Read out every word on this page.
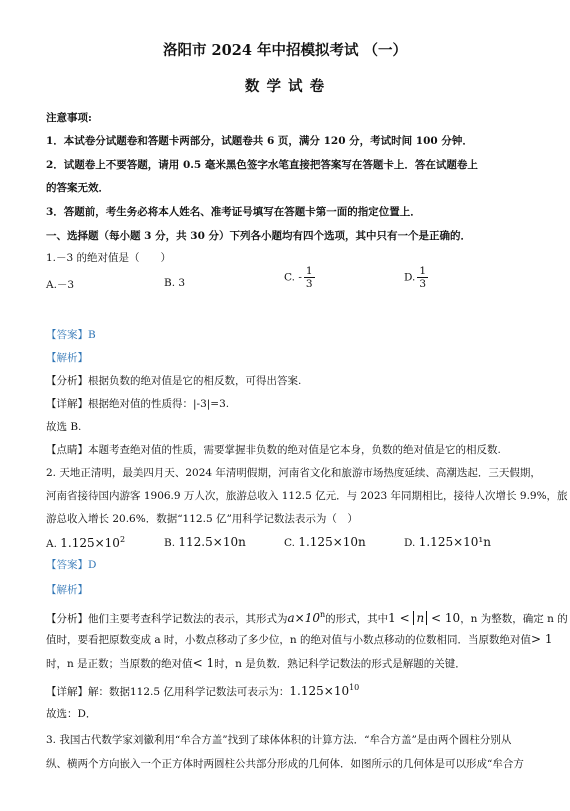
洛阳市 2024 年中招模拟考试 （一）
数 学 试 卷
注意事项:
1．本试卷分试题卷和答题卡两部分，试题卷共 6 页，满分 120 分，考试时间 100 分钟．
2．试题卷上不要答题，请用 0.5 毫米黑色签字水笔直接把答案写在答题卡上．答在试题卷上
的答案无效．
3．答题前，考生务必将本人姓名、准考证号填写在答题卡第一面的指定位置上．
一、选择题（每小题 3 分，共 30 分）下列各小题均有四个选项，其中只有一个是正确的．
1.－3 的绝对值是（　　）
A.－3	B. 3	C. - $\frac{1}{3}$	D. $\frac{1}{3}$
【答案】B
【解析】
【分析】根据负数的绝对值是它的相反数，可得出答案.
【详解】根据绝对值的性质得：|-3|=3.
故选 B.
【点睛】本题考查绝对值的性质，需要掌握非负数的绝对值是它本身，负数的绝对值是它的相反数.
2. 天地正清明，最美四月天、2024 年清明假期，河南省文化和旅游市场热度延续、高潮迭起．三天假期，
河南省接待国内游客 1906.9 万人次，旅游总收入 112.5 亿元．与 2023 年同期相比，接待人次增长 9.9%，旅
游总收入增长 20.6%．数据“112.5 亿”用科学记数法表示为（　）
A. $1.125\times 10^2$	B. 112.5×10n	C. 1.125×10n	D. 1.125×10¹n
【答案】D
【解析】
【分析】他们主要考查科学记数法的表示，其形式为$a\times 10^n$的形式，其中1 < n < 10，n 为整数，确定 n 的
值时，要看把原数变成 a 时，小数点移动了多少位，n 的绝对值与小数点移动的位数相同．当原数绝对值> 1
时，n 是正数；当原数的绝对值< 1时，n 是负数．熟记科学记数法的形式是解题的关键．
【详解】解：数据112.5 亿用科学记数法可表示为：$1.125\times 10^{10}$
故选：D．
3. 我国古代数学家刘徽利用“牟合方盖”找到了球体体积的计算方法．“牟合方盖”是由两个圆柱分别从
纵、横两个方向嵌入一个正方体时两圆柱公共部分形成的几何体．如图所示的几何体是可以形成“牟合方
